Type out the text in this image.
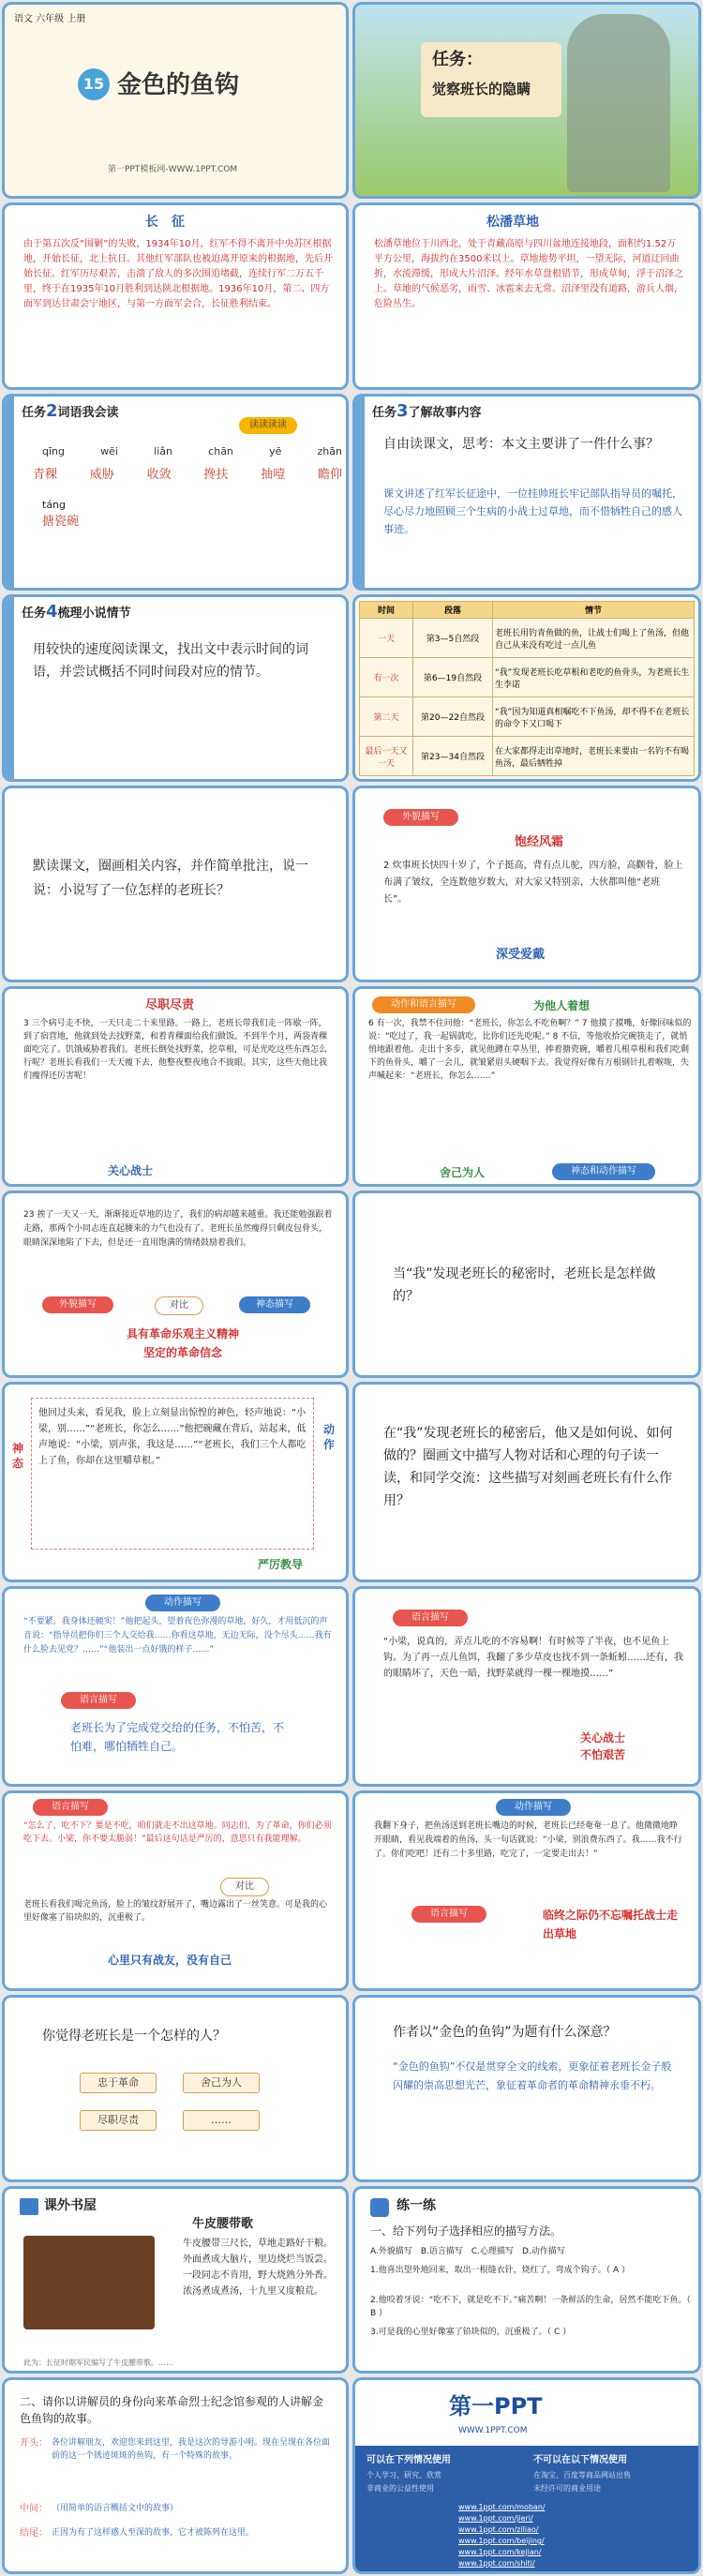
语文 六年级 上册
15 金色的鱼钩
第一PPT模板网-WWW.1PPT.COM
任务：
觉察班长的隐瞒
长　征
由于第五次反“围剿”的失败，1934年10月，红军不得不离开中央苏区根据地，开始长征，北上抗日。其他红军部队也被迫离开原来的根据地，先后开始长征。红军历尽艰苦，击溃了敌人的多次围追堵截，连续行军二万五千里，终于在1935年10月胜利到达陕北根据地。1936年10月，第二、四方面军到达甘肃会宁地区，与第一方面军会合，长征胜利结束。
松潘草地
松潘草地位于川西北，处于青藏高原与四川盆地连接地段，面积约1.52万平方公里，海拔约在3500米以上。草地地势平坦，一望无际，河道迂回曲折，水流滞缓，形成大片沼泽。经年水草盘根错节，形成草甸，浮于沼泽之上。草地的气候恶劣，雨雪、冰雹来去无常。沼泽里没有道路，游兵人烟，危险丛生。
任务2词语我会读
读读读读
qīng	wēi	liǎn	chān	yē	zhān
青稞	威胁	收敛	搀扶	抽噎	瞻仰
táng
搪瓷碗
任务3了解故事内容
自由读课文，思考：本文主要讲了一件什么事？
课文讲述了红军长征途中，一位挂帅班长牢记部队指导员的嘱托，尽心尽力地照顾三个生病的小战士过草地，而不惜牺牲自己的感人事迹。
任务4梳理小说情节
用较快的速度阅读课文，找出文中表示时间的词语，并尝试概括不同时间段对应的情节。
时间	段落	情节
一天	第3—5自然段	老班长用钓青鱼做的鱼，让战士们喝上了鱼汤，但他自己从来没有吃过一点儿鱼
有一次	第6—19自然段	“我”发现老班长吃草根和老吃的鱼骨头，为老班长生生李诺
第二天	第20—22自然段	“我”因为知道真相嘱吃不下鱼汤，却不得不在老班长的命令下又口喝下
最后一天又一天	第23—34自然段	在大家都得走出草地时，老班长来要由一名钓不有喝鱼汤，最后牺牲掉
默读课文，圈画相关内容，并作简单批注，说一说：小说写了一位怎样的老班长？
外貌描写
饱经风霜
2 炊事班长快四十岁了，个子挺高，背有点儿驼，四方脸，高颧骨，脸上布满了皱纹，全连数他岁数大，对大家又特别亲，大伙都叫他“老班长”。
深受爱戴
尽职尽责
3 三个病号走不快，一天只走二十来里路。一路上，老班长带我们走一阵歇一阵，到了宿营地，他就到处去找野菜，和着青稞面给我们做饭。不到半个月，两袋青稞面吃完了。饥饿威胁着我们。老班长倒处找野菜，挖草根，可是光吃这些东西怎么行呢？老班长看我们一天天瘦下去，他整夜整夜地合不拢眼。其实，这些天他比我们瘦得还厉害呢！
关心战士
动作和语言描写	为他人着想
6 有一次，我禁不住问他：“老班长，你怎么不吃鱼啊？” 7 他摸了摸嘴，好像回味似的说：“吃过了，我一起锅就吃，比你们还先吃呢。” 8 不信，等他收拾完碗筷走了，就悄悄地跟着他。走出十多步，就见他蹲在草丛里，捧着搪瓷碗，嚼着几根草根和我们吃剩下的鱼骨头，嚼了一会儿，就皱紧眉头硬咽下去。我觉得好像有万根钢针扎着喉咙，失声喊起来：“老班长，你怎么……”
舍己为人	神态和动作描写
23 挨了一天又一天，渐渐接近草地的边了，我们的病却越来越重。我还能勉强跟着走路，那两个小同志连直起腰来的力气也没有了。老班长虽然瘦得只剩皮包骨头，眼睛深深地陷了下去，但是还一直用饱满的情绪鼓励着我们。
外貌描写	对比	神态描写
具有革命乐观主义精神
坚定的革命信念
当“我”发现老班长的秘密时，老班长是怎样做的？
神态
动作
他回过头来，看见我，脸上立刻显出惊惶的神色，轻声地说：“小梁，别……”“老班长，你怎么……”他把碗藏在背后，站起来，低声地说：“小梁，别声张，我这是……”“老班长，我们三个人都吃上了鱼，你却在这里嚼草根。”
严厉教导
在“我”发现老班长的秘密后，他又是如何说、如何做的？圈画文中描写人物对话和心理的句子读一读，和同学交流：这些描写对刻画老班长有什么作用？
动作描写
“不要紧，我身体还硬实！”他把起头，望着夜色弥漫的草地，好久，才用低沉的声音说：“指导员把你们三个人交给我……你看这草地，无边无际，没个尽头……我有什么脸去见党？……”“他装出一点好饿的样子……”
语言描写
老班长为了完成党交给的任务，不怕苦，不怕难，哪怕牺牲自己。
语言描写
“小梁，说真的，弄点儿吃的不容易啊！有时候等了半夜，也不见鱼上钩。为了再一点儿鱼饵，我翻了多少草皮也找不到一条蚯蚓……还有，我的眼睛坏了，天色一暗，找野菜就得一棵一棵地摸……”
关心战士
不怕艰苦
语言描写
“怎么了，吃不下？要是不吃，咱们就走不出这草地。同志们，为了革命，你们必须吃下去。小梁，你不要太脆弱！”最后这句话是严厉的，意思只有我能理解。
对比
老班长看我们喝完鱼汤，脸上的皱纹舒展开了，嘴边露出了一丝笑意。可是我的心里好像塞了铅块似的，沉重极了。
心里只有战友，没有自己
动作描写
我翻下身子，把鱼汤送到老班长嘴边的时候，老班长已经奄奄一息了。他微微地睁开眼睛，看见我端着的鱼汤，头一句话就说：“小梁，别浪费东西了。我……我不行了。你们吃吧！还有二十多里路，吃完了，一定要走出去！”
语言描写	临终之际仍不忘嘱托战士走出草地
你觉得老班长是一个怎样的人？
忠于革命	舍己为人
尽职尽责	……
作者以“金色的鱼钩”为题有什么深意？
“金色的鱼钩”不仅是贯穿全文的线索，更象征着老班长金子般闪耀的崇高思想光芒，象征着革命者的革命精神永垂不朽。
课外书屋
牛皮腰带歌
牛皮腰带三尺长，草地走路好干粮。外面煮成大脑片，里边烧烂当饭尝。一段同志不肯用，野大烧熟分外香。浓汤煮成煮汤，十九里又度粮荒。
此为：长征时期军民编写了牛皮腰带歌。……
练一练
一、给下列句子选择相应的描写方法。
A.外貌描写　B.语言描写　C.心理描写　D.动作描写
1.他喜出望外地回来，取出一根缝衣针，烧红了，弯成个钩子。（ A ）
2.他咬着牙说：“吃不下，就是吃不下。”痛苦啊！一条鲜活的生命，居然不能吃下鱼。（ B ）
3.可是我的心里好像塞了铅块似的，沉重极了。（ C ）
二、请你以讲解员的身份向来革命烈士纪念馆参观的人讲解金色鱼钩的故事。
开头： 各位讲解朋友，欢迎您来到这里，我是这次的导游小明。现在呈现在各位面前的这一个锈迹斑斑的鱼钩，有一个特殊的故事。
中间： （用简单的语言概括文中的故事）
结尾： 正因为有了这样感人至深的故事，它才被陈列在这里。
第一PPT
WWW.1PPT.COM
可以在下列情况使用	不可以在以下情况使用
个人学习、研究、欣赏
非商业的公益性使用
在淘宝、百度等商品网站出售
未经许可的商业用途
www.1ppt.com/moban/
www.1ppt.com/jieri/
www.1ppt.com/ziliao/
www.1ppt.com/beijing/
www.1ppt.com/kejian/
www.1ppt.com/shiti/
